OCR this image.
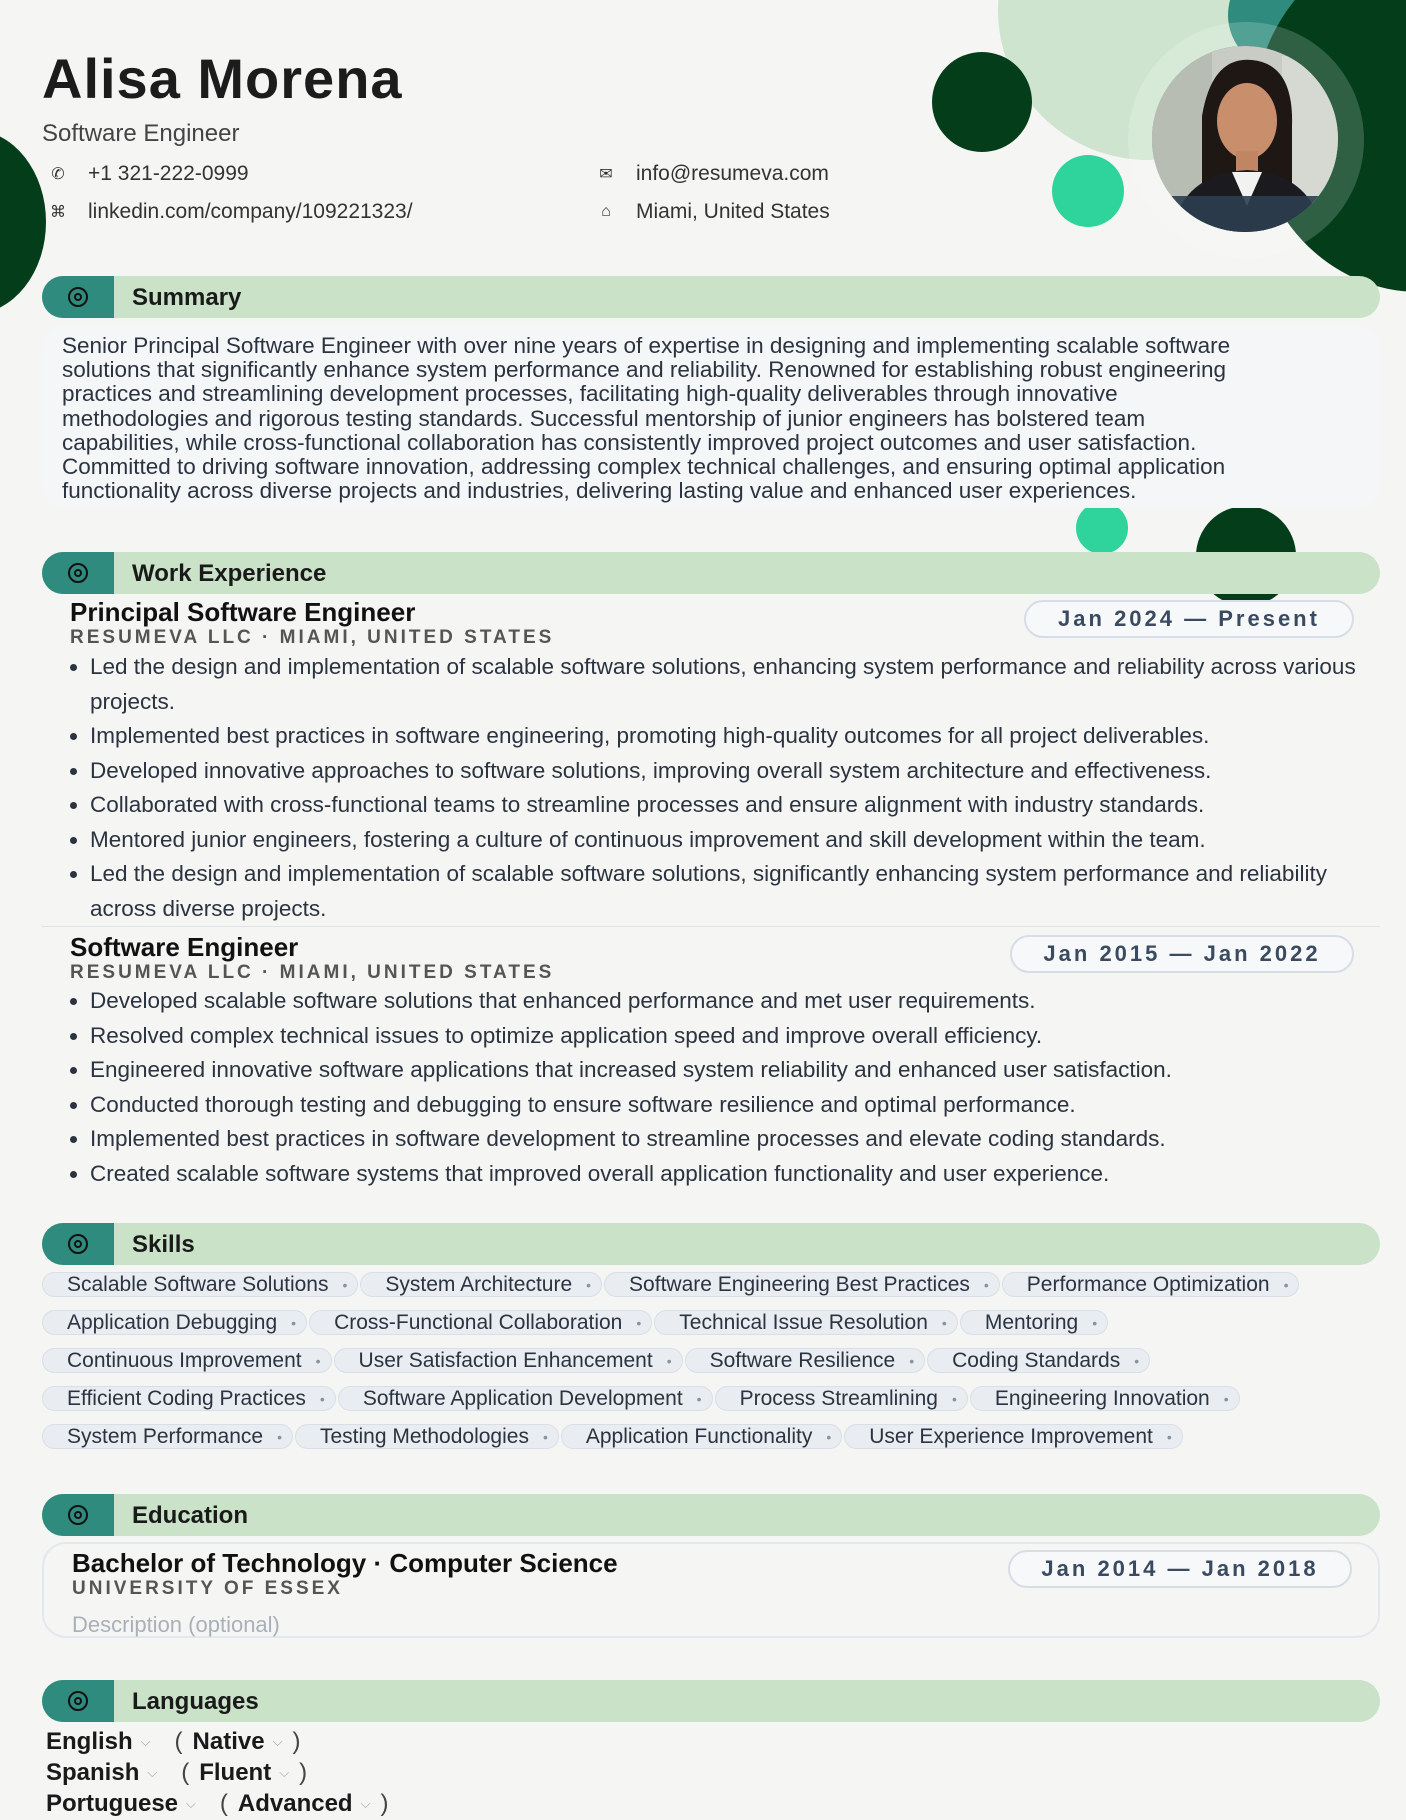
Alisa Morena
Software Engineer
✆	+1 321-222-0999
⌘ linkedin.com/company/109221323/
✉	info@resumeva.com
⌂	Miami, United States
Summary
Senior Principal Software Engineer with over nine years of expertise in designing and implementing scalable software
solutions that significantly enhance system performance and reliability. Renowned for establishing robust engineering
practices and streamlining development processes, facilitating high-quality deliverables through innovative
methodologies and rigorous testing standards. Successful mentorship of junior engineers has bolstered team
capabilities, while cross-functional collaboration has consistently improved project outcomes and user satisfaction.
Committed to driving software innovation, addressing complex technical challenges, and ensuring optimal application
functionality across diverse projects and industries, delivering lasting value and enhanced user experiences.
Work Experience
Principal Software Engineer
RESUMEVA LLC · MIAMI, UNITED STATES
Jan 2024 — Present
• Led the design and implementation of scalable software solutions, enhancing system performance and reliability across various projects.
• Implemented best practices in software engineering, promoting high-quality outcomes for all project deliverables.
• Developed innovative approaches to software solutions, improving overall system architecture and effectiveness.
• Collaborated with cross-functional teams to streamline processes and ensure alignment with industry standards.
• Mentored junior engineers, fostering a culture of continuous improvement and skill development within the team.
• Led the design and implementation of scalable software solutions, significantly enhancing system performance and reliability across diverse projects.
Software Engineer
RESUMEVA LLC · MIAMI, UNITED STATES
Jan 2015 — Jan 2022
• Developed scalable software solutions that enhanced performance and met user requirements.
• Resolved complex technical issues to optimize application speed and improve overall efficiency.
• Engineered innovative software applications that increased system reliability and enhanced user satisfaction.
• Conducted thorough testing and debugging to ensure software resilience and optimal performance.
• Implemented best practices in software development to streamline processes and elevate coding standards.
• Created scalable software systems that improved overall application functionality and user experience.
Skills
Scalable Software Solutions • System Architecture • Software Engineering Best Practices • Performance Optimization •
Application Debugging • Cross-Functional Collaboration • Technical Issue Resolution • Mentoring •
Continuous Improvement • User Satisfaction Enhancement • Software Resilience • Coding Standards •
Efficient Coding Practices • Software Application Development • Process Streamlining • Engineering Innovation •
System Performance • Testing Methodologies • Application Functionality • User Experience Improvement •
Education
Bachelor of Technology · Computer Science
UNIVERSITY OF ESSEX
Jan 2014 — Jan 2018
Description (optional)
Languages
English ⌵ ( Native ⌵ )
Spanish ⌵ ( Fluent ⌵ )
Portuguese ⌵ ( Advanced ⌵ )
